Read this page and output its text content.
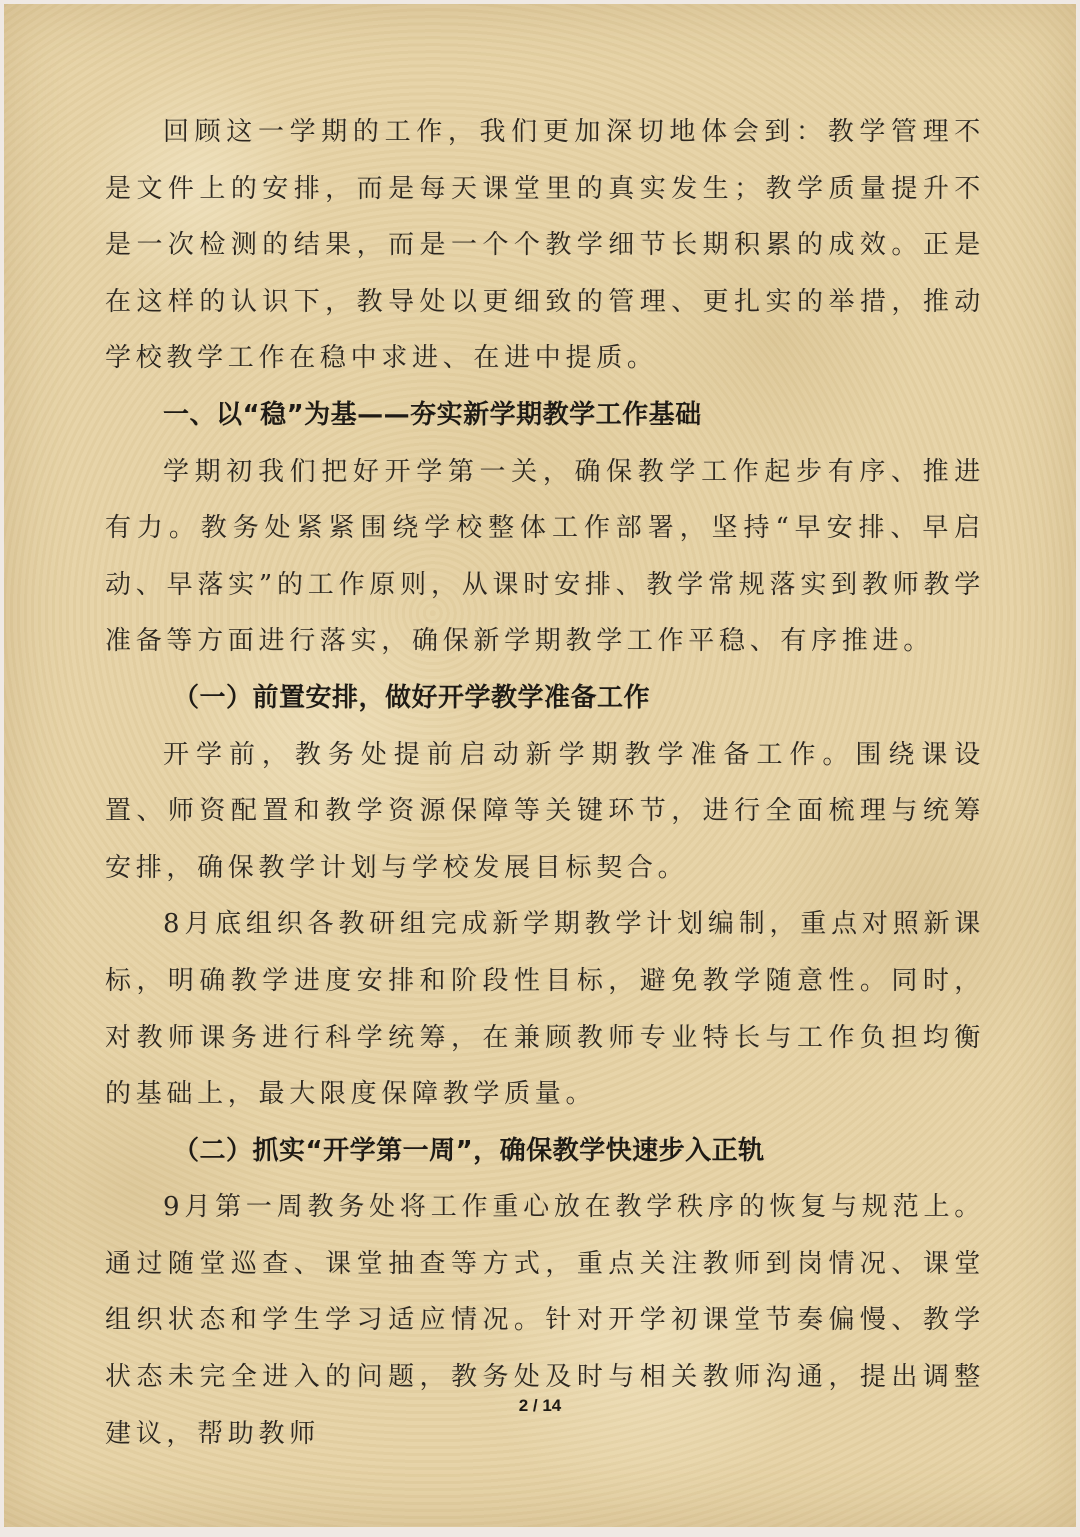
回顾这一学期的工作，我们更加深切地体会到：教学管理不是文件上的安排，而是每天课堂里的真实发生；教学质量提升不是一次检测的结果，而是一个个教学细节长期积累的成效。正是在这样的认识下，教导处以更细致的管理、更扎实的举措，推动学校教学工作在稳中求进、在进中提质。

一、以“稳”为基——夯实新学期教学工作基础

学期初我们把好开学第一关，确保教学工作起步有序、推进有力。教务处紧紧围绕学校整体工作部署，坚持“早安排、早启动、早落实”的工作原则，从课时安排、教学常规落实到教师教学准备等方面进行落实，确保新学期教学工作平稳、有序推进。

（一）前置安排，做好开学教学准备工作

开学前，教务处提前启动新学期教学准备工作。围绕课设置、师资配置和教学资源保障等关键环节，进行全面梳理与统筹安排，确保教学计划与学校发展目标契合。

8月底组织各教研组完成新学期教学计划编制，重点对照新课标，明确教学进度安排和阶段性目标，避免教学随意性。同时，对教师课务进行科学统筹，在兼顾教师专业特长与工作负担均衡的基础上，最大限度保障教学质量。

（二）抓实“开学第一周”，确保教学快速步入正轨

9月第一周教务处将工作重心放在教学秩序的恢复与规范上。通过随堂巡查、课堂抽查等方式，重点关注教师到岗情况、课堂组织状态和学生学习适应情况。针对开学初课堂节奏偏慢、教学状态未完全进入的问题，教务处及时与相关教师沟通，提出调整建议，帮助教师

2 / 14
